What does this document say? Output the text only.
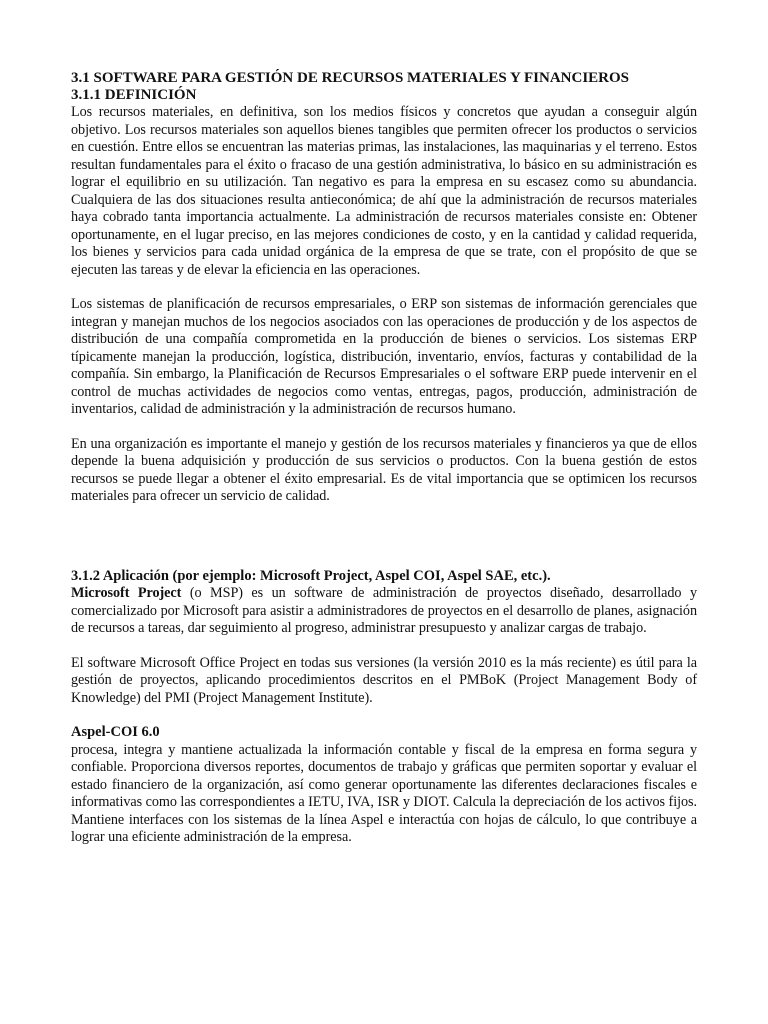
3.1 SOFTWARE PARA GESTIÓN DE RECURSOS MATERIALES Y FINANCIEROS

3.1.1 DEFINICIÓN

Los recursos materiales, en definitiva, son los medios físicos y concretos que ayudan a conseguir algún objetivo. Los recursos materiales son aquellos bienes tangibles que permiten ofrecer los productos o servicios en cuestión. Entre ellos se encuentran las materias primas, las instalaciones, las maquinarias y el terreno. Estos resultan fundamentales para el éxito o fracaso de una gestión administrativa, lo básico en su administración es lograr el equilibrio en su utilización. Tan negativo es para la empresa en su escasez como su abundancia. Cualquiera de las dos situaciones resulta antieconómica; de ahí que la administración de recursos materiales haya cobrado tanta importancia actualmente. La administración de recursos materiales consiste en: Obtener oportunamente, en el lugar preciso, en las mejores condiciones de costo, y en la cantidad y calidad requerida, los bienes y servicios para cada unidad orgánica de la empresa de que se trate, con el propósito de que se ejecuten las tareas y de elevar la eficiencia en las operaciones.

Los sistemas de planificación de recursos empresariales, o ERP son sistemas de información gerenciales que integran y manejan muchos de los negocios asociados con las operaciones de producción y de los aspectos de distribución de una compañía comprometida en la producción de bienes o servicios. Los sistemas ERP típicamente manejan la producción, logística, distribución, inventario, envíos, facturas y contabilidad de la compañía. Sin embargo, la Planificación de Recursos Empresariales o el software ERP puede intervenir en el control de muchas actividades de negocios como ventas, entregas, pagos, producción, administración de inventarios, calidad de administración y la administración de recursos humano.

En una organización es importante el manejo y gestión de los recursos materiales y financieros ya que de ellos depende la buena adquisición y producción de sus servicios o productos. Con la buena gestión de estos recursos se puede llegar a obtener el éxito empresarial. Es de vital importancia que se optimicen los recursos materiales para ofrecer un servicio de calidad.

3.1.2 Aplicación (por ejemplo: Microsoft Project, Aspel COI, Aspel SAE, etc.).

Microsoft Project (o MSP) es un software de administración de proyectos diseñado, desarrollado y comercializado por Microsoft para asistir a administradores de proyectos en el desarrollo de planes, asignación de recursos a tareas, dar seguimiento al progreso, administrar presupuesto y analizar cargas de trabajo.

El software Microsoft Office Project en todas sus versiones (la versión 2010 es la más reciente) es útil para la gestión de proyectos, aplicando procedimientos descritos en el PMBoK (Project Management Body of Knowledge) del PMI (Project Management Institute).

Aspel-COI 6.0

procesa, integra y mantiene actualizada la información contable y fiscal de la empresa en forma segura y confiable. Proporciona diversos reportes, documentos de trabajo y gráficas que permiten soportar y evaluar el estado financiero de la organización, así como generar oportunamente las diferentes declaraciones fiscales e informativas como las correspondientes a IETU, IVA, ISR y DIOT. Calcula la depreciación de los activos fijos. Mantiene interfaces con los sistemas de la línea Aspel e interactúa con hojas de cálculo, lo que contribuye a lograr una eficiente administración de la empresa.
